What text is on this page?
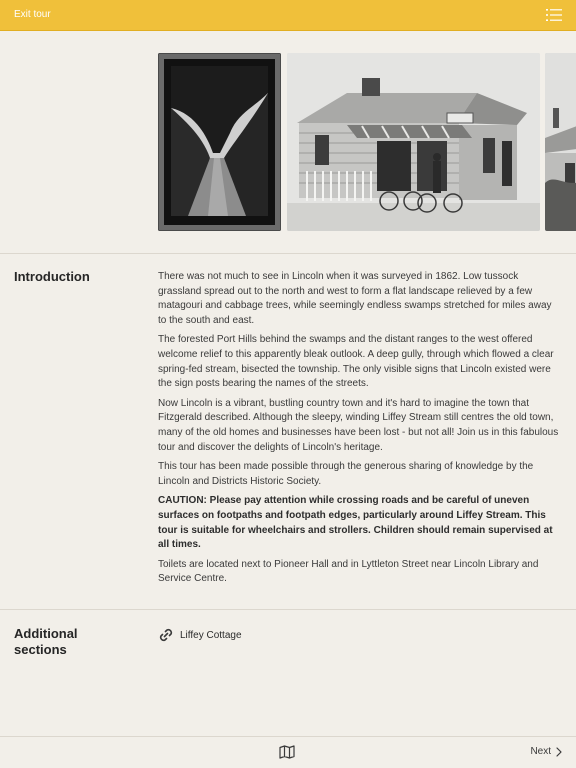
Exit tour
Introduction	There was not much to see in Lincoln when it was surveyed in 1862. Low tussock grassland spread out to the north and west to form a flat landscape relieved by a few matagouri and cabbage trees, while seemingly endless swamps stretched for miles away to the south and east.

The forested Port Hills behind the swamps and the distant ranges to the west offered welcome relief to this apparently bleak outlook. A deep gully, through which flowed a clear spring-fed stream, bisected the township. The only visible signs that Lincoln existed were the sign posts bearing the names of the streets.

Now Lincoln is a vibrant, bustling country town and it's hard to imagine the town that Fitzgerald described. Although the sleepy, winding Liffey Stream still centres the old town, many of the old homes and businesses have been lost - but not all! Join us in this fabulous tour and discover the delights of Lincoln's heritage.

This tour has been made possible through the generous sharing of knowledge by the Lincoln and Districts Historic Society.

CAUTION: Please pay attention while crossing roads and be careful of uneven surfaces on footpaths and footpath edges, particularly around Liffey Stream. This tour is suitable for wheelchairs and strollers. Children should remain supervised at all times.

Toilets are located next to Pioneer Hall and in Lyttleton Street near Lincoln Library and Service Centre.

Additional sections
Liffey Cottage
Next
